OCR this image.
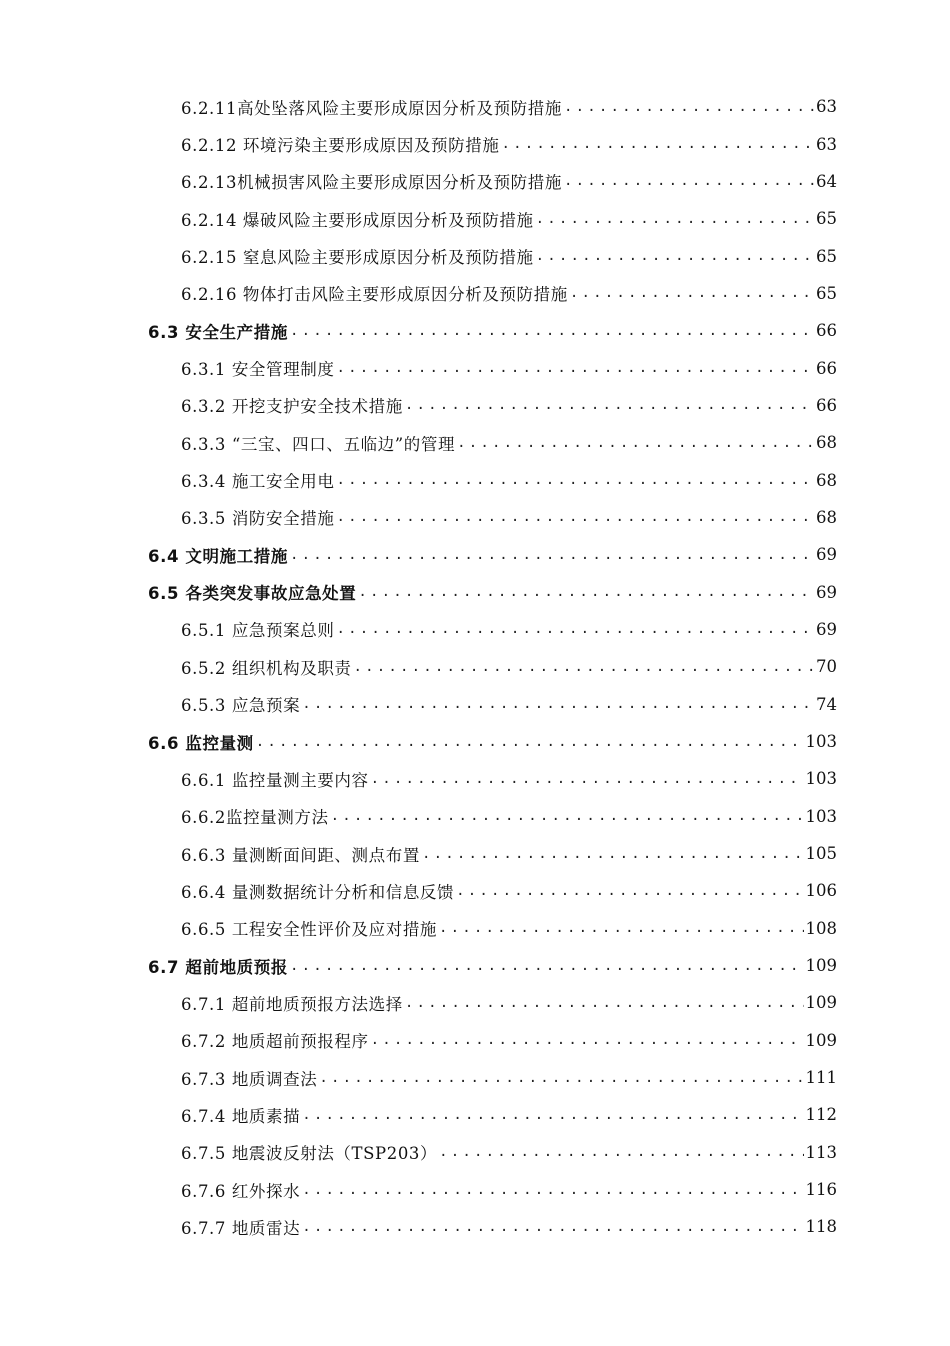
6.2.11高处坠落风险主要形成原因分析及预防措施 .....	63
6.2.12 环境污染主要形成原因及预防措施 .....	63
6.2.13机械损害风险主要形成原因分析及预防措施 .....	64
6.2.14 爆破风险主要形成原因分析及预防措施 .....	65
6.2.15 窒息风险主要形成原因分析及预防措施 .....	65
6.2.16 物体打击风险主要形成原因分析及预防措施 .....	65
6.3 安全生产措施 .....	66
6.3.1 安全管理制度 .....	66
6.3.2 开挖支护安全技术措施 .....	66
6.3.3 “三宝、四口、五临边”的管理 .....	68
6.3.4 施工安全用电 .....	68
6.3.5 消防安全措施 .....	68
6.4 文明施工措施 .....	69
6.5 各类突发事故应急处置 .....	69
6.5.1 应急预案总则 .....	69
6.5.2 组织机构及职责 .....	70
6.5.3 应急预案 .....	74
6.6 监控量测 .....	103
6.6.1 监控量测主要内容 .....	103
6.6.2监控量测方法 .....	103
6.6.3 量测断面间距、测点布置 .....	105
6.6.4 量测数据统计分析和信息反馈 .....	106
6.6.5 工程安全性评价及应对措施 .....	108
6.7 超前地质预报 .....	109
6.7.1 超前地质预报方法选择 .....	109
6.7.2 地质超前预报程序 .....	109
6.7.3 地质调查法 .....	111
6.7.4 地质素描 .....	112
6.7.5 地震波反射法（TSP203） .....	113
6.7.6 红外探水 .....	116
6.7.7 地质雷达 .....	118
